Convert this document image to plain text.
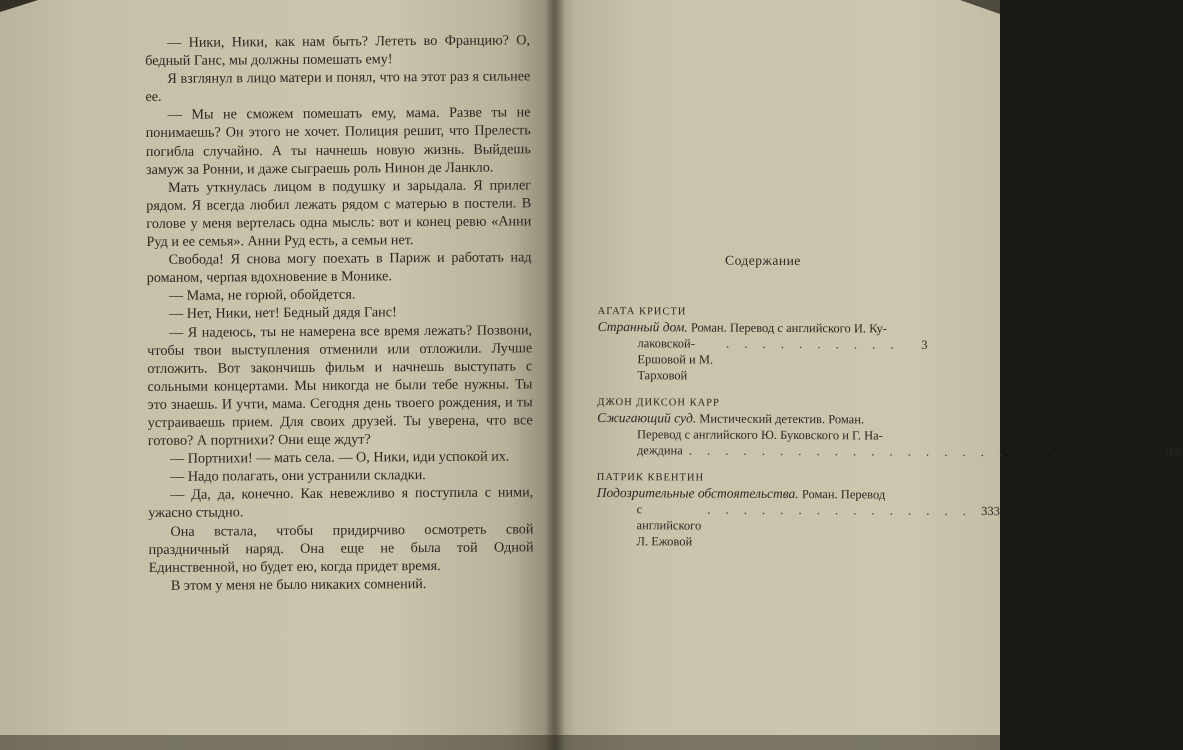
— Ники, Ники, как нам быть? Лететь во Францию? О, бедный Ганс, мы должны помешать ему!

Я взглянул в лицо матери и понял, что на этот раз я сильнее ее.

— Мы не сможем помешать ему, мама. Разве ты не понимаешь? Он этого не хочет. Полиция решит, что Прелесть погибла случайно. А ты начнешь новую жизнь. Выйдешь замуж за Ронни, и даже сыграешь роль Нинон де Ланкло.

Мать уткнулась лицом в подушку и зарыдала. Я прилег рядом. Я всегда любил лежать рядом с матерью в постели. В голове у меня вертелась одна мысль: вот и конец ревю «Анни Руд и ее семья». Анни Руд есть, а семьи нет.

Свобода! Я снова могу поехать в Париж и работать над романом, черпая вдохновение в Монике.

— Мама, не горюй, обойдется.

— Нет, Ники, нет! Бедный дядя Ганс!

— Я надеюсь, ты не намерена все время лежать? Позвони, чтобы твои выступления отменили или отложили. Лучше отложить. Вот закончишь фильм и начнешь выступать с сольными концертами. Мы никогда не были тебе нужны. Ты это знаешь. И учти, мама. Сегодня день твоего рождения, и ты устраиваешь прием. Для своих друзей. Ты уверена, что все готово? А портнихи? Они еще ждут?

— Портнихи! — мать села. — О, Ники, иди успокой их.

— Надо полагать, они устранили складки.

— Да, да, конечно. Как невежливо я поступила с ними, ужасно стыдно.

Она встала, чтобы придирчиво осмотреть свой праздничный наряд. Она еще не была той Одной Единственной, но будет ею, когда придет время.

В этом у меня не было никаких сомнений.

Содержание
АГАТА КРИСТИ
Странный дом. Роман. Перевод с английского И. Ку-
лаковской-Ершовой и М. Тарховой
. . . . . . . . . .	3
ДЖОН ДИКСОН КАРР
Сжигающий суд. Мистический детектив. Роман.
Перевод с английского Ю. Буковского и Г. На-
деждина . . . . . . . . . . . . . . . . . . . . . . . . . . 166
ПАТРИК КВЕНТИН
Подозрительные обстоятельства. Роман. Перевод
с английского Л. Ежовой
. . . . . . . . . . . . . . . 333
